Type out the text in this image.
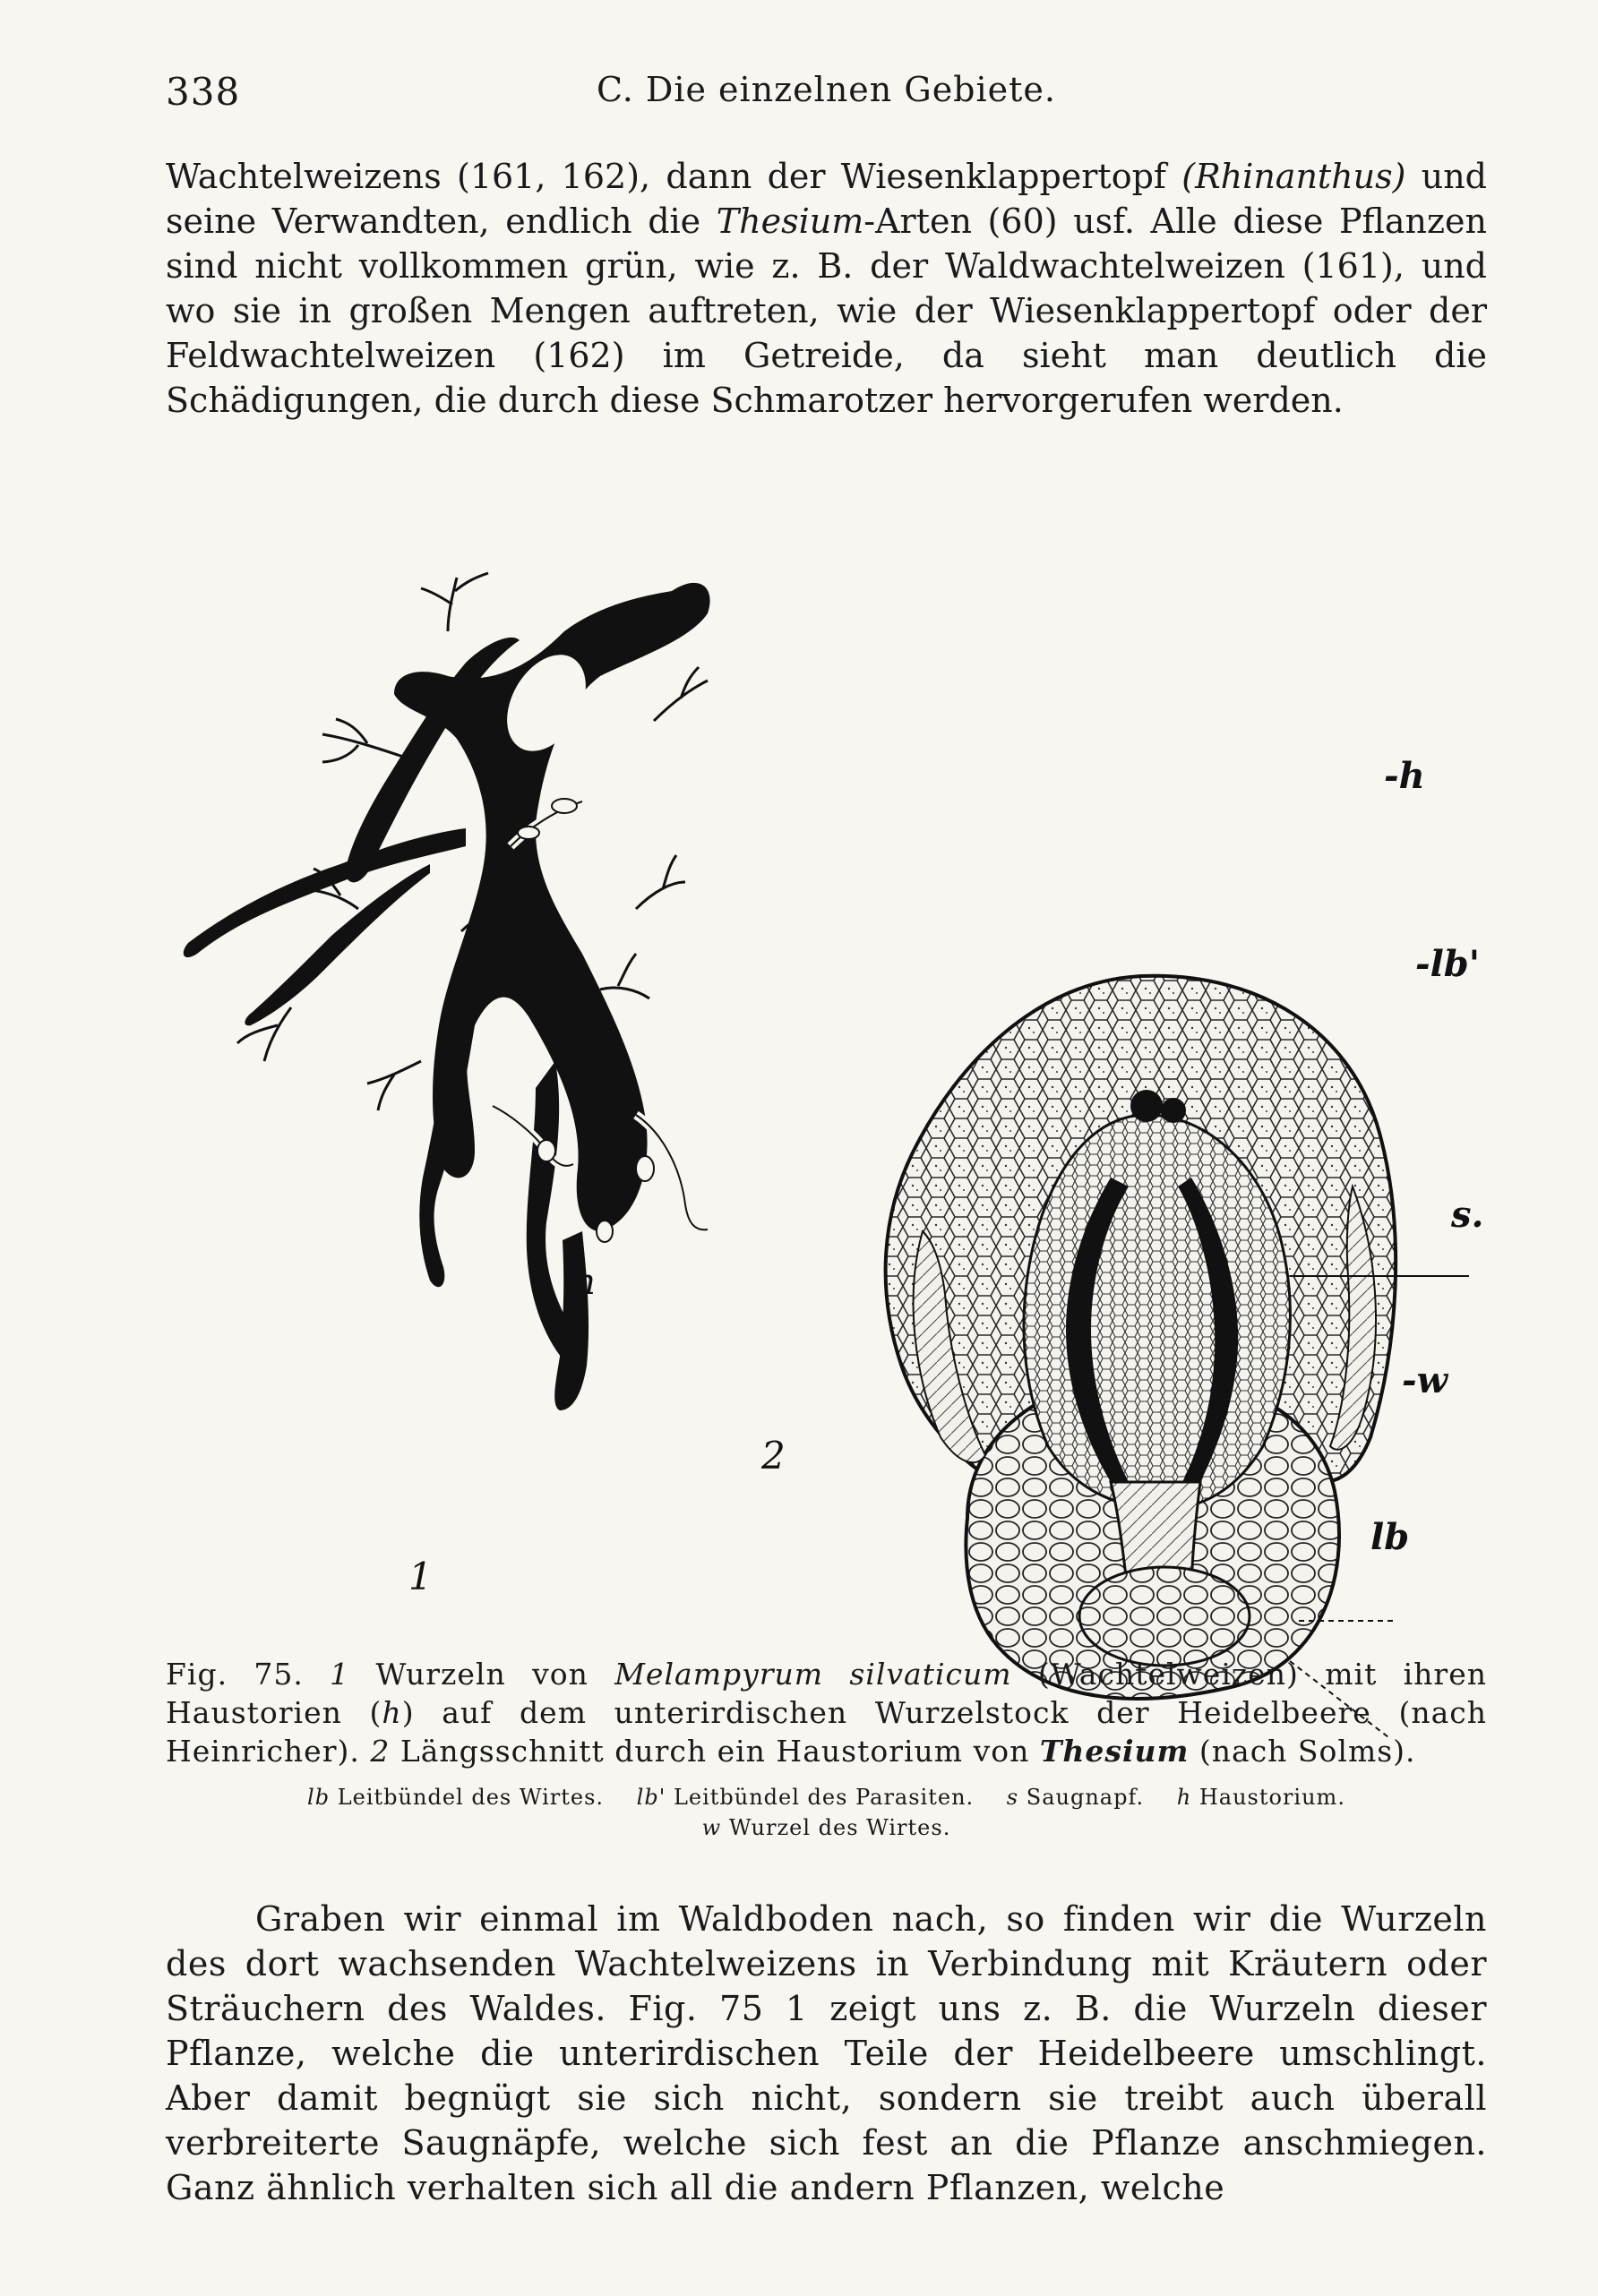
338	C. Die einzelnen Gebiete.

Wachtelweizens (161, 162), dann der Wiesenklappertopf (Rhinanthus) und seine Verwandten, endlich die Thesium-Arten (60) usf. Alle diese Pflanzen sind nicht vollkommen grün, wie z. B. der Waldwachtelweizen (161), und wo sie in großen Mengen auftreten, wie der Wiesenklappertopf oder der Feldwachtelweizen (162) im Getreide, da sieht man deutlich die Schädigungen, die durch diese Schmarotzer hervorgerufen werden.

h
1
-h
-lb'
s.
-w
lb
2
Fig. 75. 1 Wurzeln von Melampyrum silvaticum (Wachtelweizen) mit ihren Haustorien (h) auf dem unterirdischen Wurzelstock der Heidelbeere (nach Heinricher). 2 Längsschnitt durch ein Haustorium von Thesium (nach Solms).
lb Leitbündel des Wirtes. lb' Leitbündel des Parasiten. s Saugnapf. h Haustorium.
w Wurzel des Wirtes.

Graben wir einmal im Waldboden nach, so finden wir die Wurzeln des dort wachsenden Wachtelweizens in Verbindung mit Kräutern oder Sträuchern des Waldes. Fig. 75 1 zeigt uns z. B. die Wurzeln dieser Pflanze, welche die unterirdischen Teile der Heidelbeere umschlingt. Aber damit begnügt sie sich nicht, sondern sie treibt auch überall verbreiterte Saugnäpfe, welche sich fest an die Pflanze anschmiegen. Ganz ähnlich verhalten sich all die andern Pflanzen, welche
